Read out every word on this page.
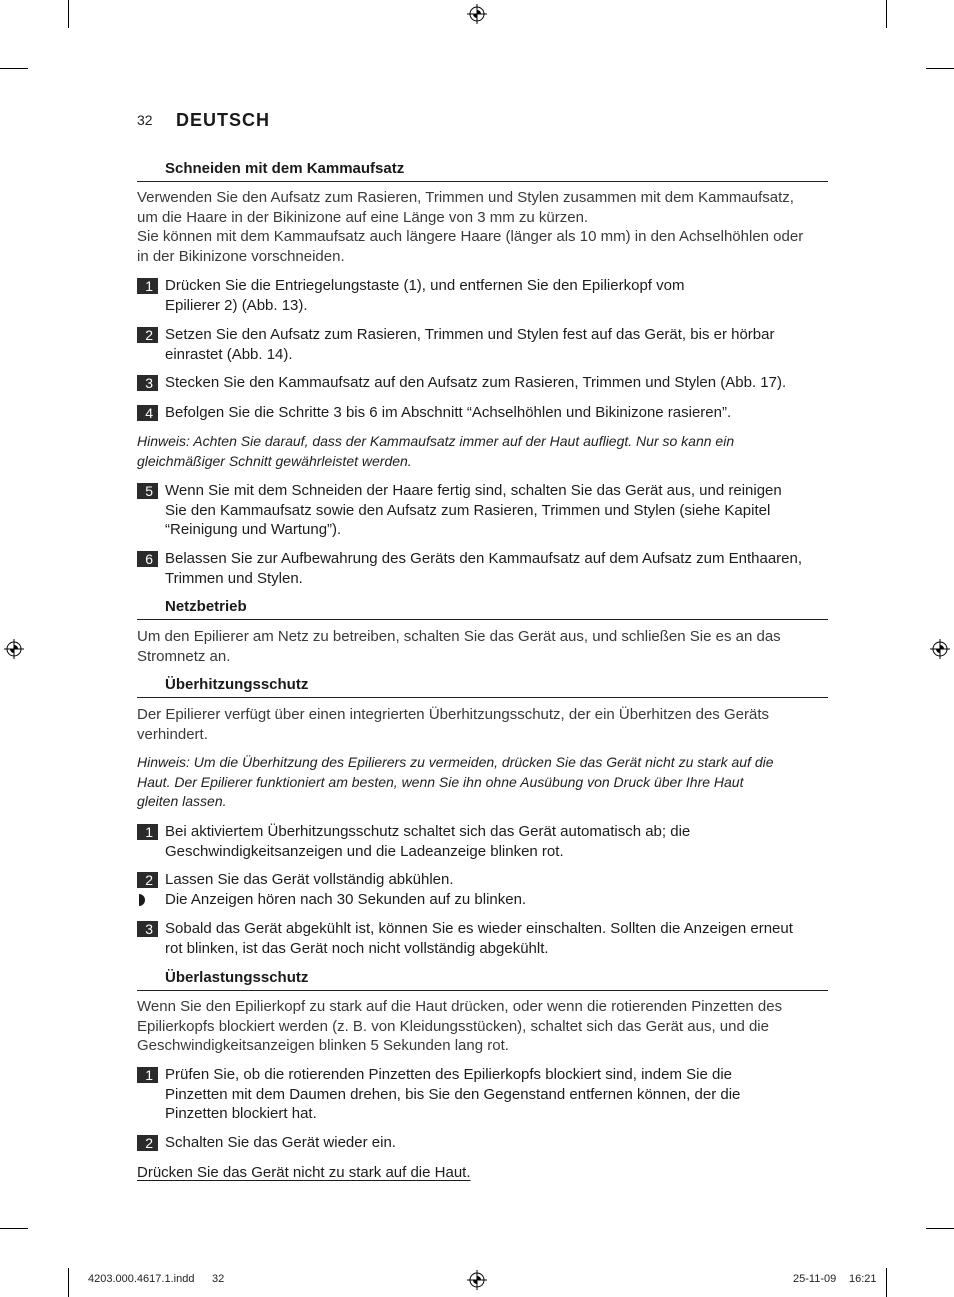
32 DEUTSCH
Schneiden mit dem Kammaufsatz
Verwenden Sie den Aufsatz zum Rasieren, Trimmen und Stylen zusammen mit dem Kammaufsatz,
um die Haare in der Bikinizone auf eine Länge von 3 mm zu kürzen.
Sie können mit dem Kammaufsatz auch längere Haare (länger als 10 mm) in den Achselhöhlen oder
in der Bikinizone vorschneiden.
1 Drücken Sie die Entriegelungstaste (1), und entfernen Sie den Epilierkopf vom
Epilierer 2) (Abb. 13).
2 Setzen Sie den Aufsatz zum Rasieren, Trimmen und Stylen fest auf das Gerät, bis er hörbar
einrastet (Abb. 14).
3 Stecken Sie den Kammaufsatz auf den Aufsatz zum Rasieren, Trimmen und Stylen (Abb. 17).
4 Befolgen Sie die Schritte 3 bis 6 im Abschnitt “Achselhöhlen und Bikinizone rasieren”.
Hinweis: Achten Sie darauf, dass der Kammaufsatz immer auf der Haut aufliegt. Nur so kann ein
gleichmäßiger Schnitt gewährleistet werden.
5 Wenn Sie mit dem Schneiden der Haare fertig sind, schalten Sie das Gerät aus, und reinigen
Sie den Kammaufsatz sowie den Aufsatz zum Rasieren, Trimmen und Stylen (siehe Kapitel
“Reinigung und Wartung”).
6 Belassen Sie zur Aufbewahrung des Geräts den Kammaufsatz auf dem Aufsatz zum Enthaaren,
Trimmen und Stylen.
Netzbetrieb
Um den Epilierer am Netz zu betreiben, schalten Sie das Gerät aus, und schließen Sie es an das
Stromnetz an.
Überhitzungsschutz
Der Epilierer verfügt über einen integrierten Überhitzungsschutz, der ein Überhitzen des Geräts
verhindert.
Hinweis: Um die Überhitzung des Epilierers zu vermeiden, drücken Sie das Gerät nicht zu stark auf die
Haut. Der Epilierer funktioniert am besten, wenn Sie ihn ohne Ausübung von Druck über Ihre Haut
gleiten lassen.
1 Bei aktiviertem Überhitzungsschutz schaltet sich das Gerät automatisch ab; die
Geschwindigkeitsanzeigen und die Ladeanzeige blinken rot.
2 Lassen Sie das Gerät vollständig abkühlen.
Die Anzeigen hören nach 30 Sekunden auf zu blinken.
3 Sobald das Gerät abgekühlt ist, können Sie es wieder einschalten. Sollten die Anzeigen erneut
rot blinken, ist das Gerät noch nicht vollständig abgekühlt.
Überlastungsschutz
Wenn Sie den Epilierkopf zu stark auf die Haut drücken, oder wenn die rotierenden Pinzetten des
Epilierkopfs blockiert werden (z. B. von Kleidungsstücken), schaltet sich das Gerät aus, und die
Geschwindigkeitsanzeigen blinken 5 Sekunden lang rot.
1 Prüfen Sie, ob die rotierenden Pinzetten des Epilierkopfs blockiert sind, indem Sie die
Pinzetten mit dem Daumen drehen, bis Sie den Gegenstand entfernen können, der die
Pinzetten blockiert hat.
2 Schalten Sie das Gerät wieder ein.
Drücken Sie das Gerät nicht zu stark auf die Haut.
4203.000.4617.1.indd 32	25-11-09 16:21
